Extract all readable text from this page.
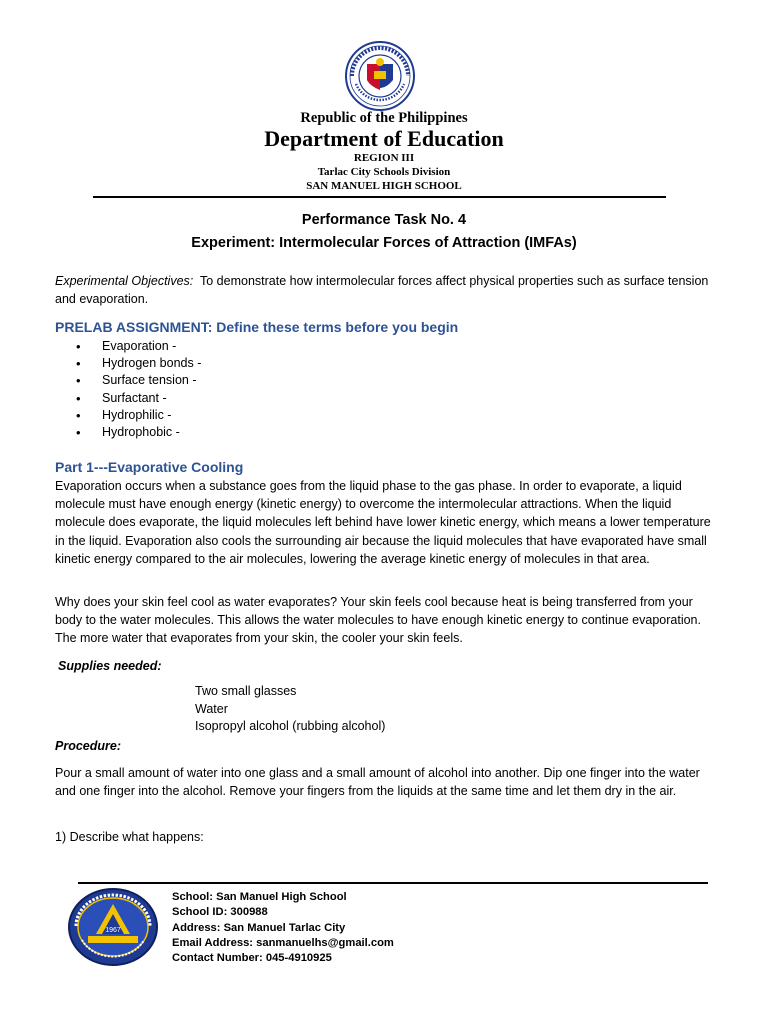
Republic of the Philippines
Department of Education
REGION III
Tarlac City Schools Division
SAN MANUEL HIGH SCHOOL
Performance Task No. 4
Experiment: Intermolecular Forces of Attraction (IMFAs)
Experimental Objectives: To demonstrate how intermolecular forces affect physical properties such as surface tension and evaporation.
PRELAB ASSIGNMENT: Define these terms before you begin
• Evaporation -
• Hydrogen bonds -
• Surface tension -
• Surfactant -
• Hydrophilic -
• Hydrophobic -
Part 1---Evaporative Cooling
Evaporation occurs when a substance goes from the liquid phase to the gas phase. In order to evaporate, a liquid molecule must have enough energy (kinetic energy) to overcome the intermolecular attractions. When the liquid molecule does evaporate, the liquid molecules left behind have lower kinetic energy, which means a lower temperature in the liquid. Evaporation also cools the surrounding air because the liquid molecules that have evaporated have small kinetic energy compared to the air molecules, lowering the average kinetic energy of molecules in that area.
Why does your skin feel cool as water evaporates? Your skin feels cool because heat is being transferred from your body to the water molecules. This allows the water molecules to have enough kinetic energy to continue evaporation. The more water that evaporates from your skin, the cooler your skin feels.
Supplies needed:
Two small glasses
Water
Isopropyl alcohol (rubbing alcohol)
Procedure:
Pour a small amount of water into one glass and a small amount of alcohol into another. Dip one finger into the water and one finger into the alcohol. Remove your fingers from the liquids at the same time and let them dry in the air.
1) Describe what happens:
1967
School: San Manuel High School
School ID: 300988
Address: San Manuel Tarlac City
Email Address: sanmanuelhs@gmail.com
Contact Number: 045-4910925
